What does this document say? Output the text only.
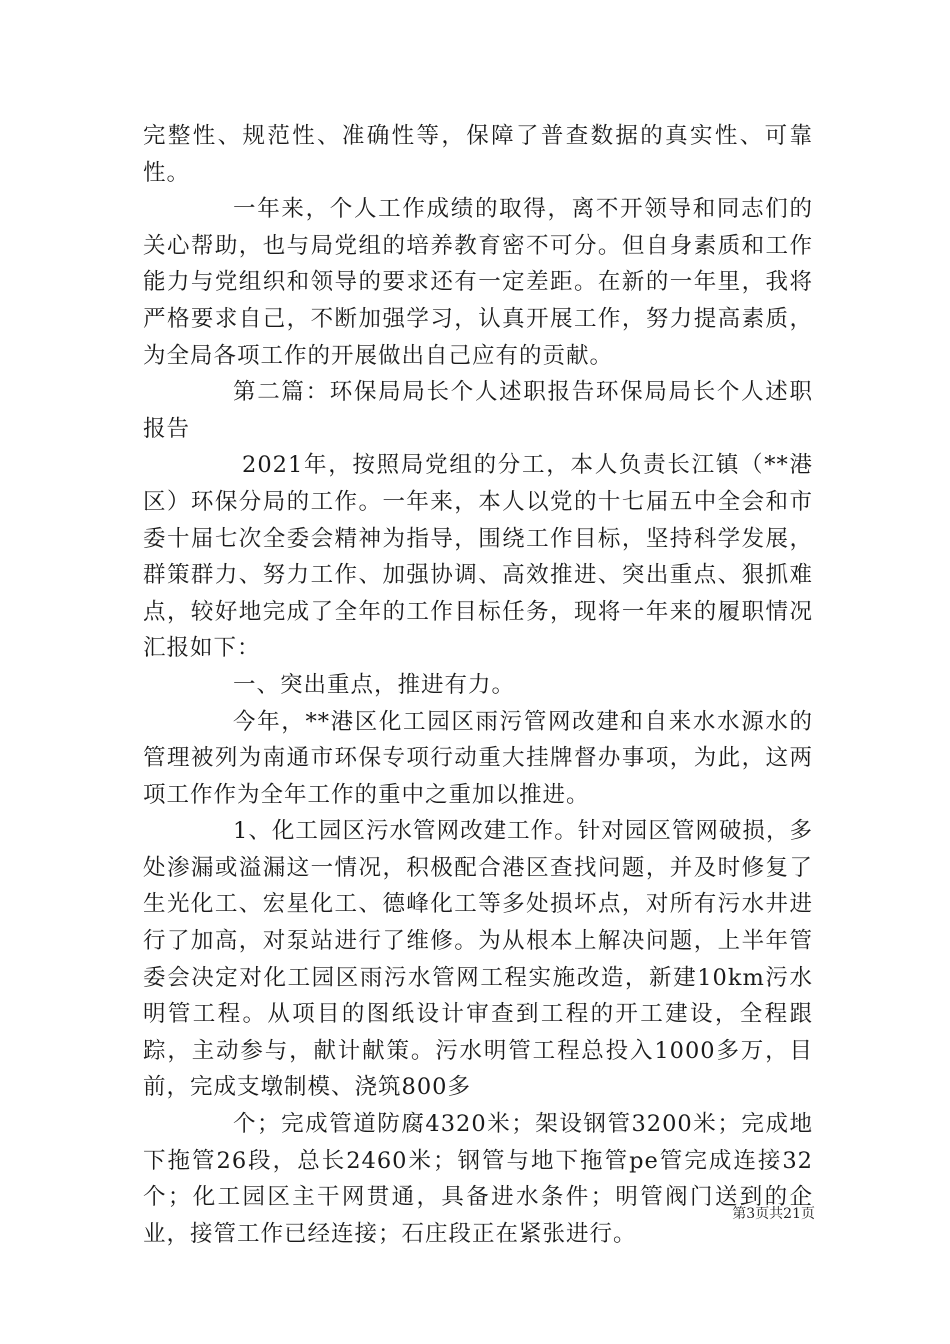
完整性、规范性、准确性等，保障了普查数据的真实性、可靠性。

一年来，个人工作成绩的取得，离不开领导和同志们的关心帮助，也与局党组的培养教育密不可分。但自身素质和工作能力与党组织和领导的要求还有一定差距。在新的一年里，我将严格要求自己，不断加强学习，认真开展工作，努力提高素质，为全局各项工作的开展做出自己应有的贡献。

第二篇：环保局局长个人述职报告环保局局长个人述职报告

2021年，按照局党组的分工，本人负责长江镇（**港区）环保分局的工作。一年来，本人以党的十七届五中全会和市委十届七次全委会精神为指导，围绕工作目标，坚持科学发展，群策群力、努力工作、加强协调、高效推进、突出重点、狠抓难点，较好地完成了全年的工作目标任务，现将一年来的履职情况汇报如下：

一、突出重点，推进有力。

今年，**港区化工园区雨污管网改建和自来水水源水的管理被列为南通市环保专项行动重大挂牌督办事项，为此，这两项工作作为全年工作的重中之重加以推进。

1、化工园区污水管网改建工作。针对园区管网破损，多处渗漏或溢漏这一情况，积极配合港区查找问题，并及时修复了生光化工、宏星化工、德峰化工等多处损坏点，对所有污水井进行了加高，对泵站进行了维修。为从根本上解决问题，上半年管委会决定对化工园区雨污水管网工程实施改造，新建10km污水明管工程。从项目的图纸设计审查到工程的开工建设，全程跟踪，主动参与，献计献策。污水明管工程总投入1000多万，目前，完成支墩制模、浇筑800多

个；完成管道防腐4320米；架设钢管3200米；完成地下拖管26段，总长2460米；钢管与地下拖管pe管完成连接32个；化工园区主干网贯通，具备进水条件；明管阀门送到的企业，接管工作已经连接；石庄段正在紧张进行。

第3页共21页
